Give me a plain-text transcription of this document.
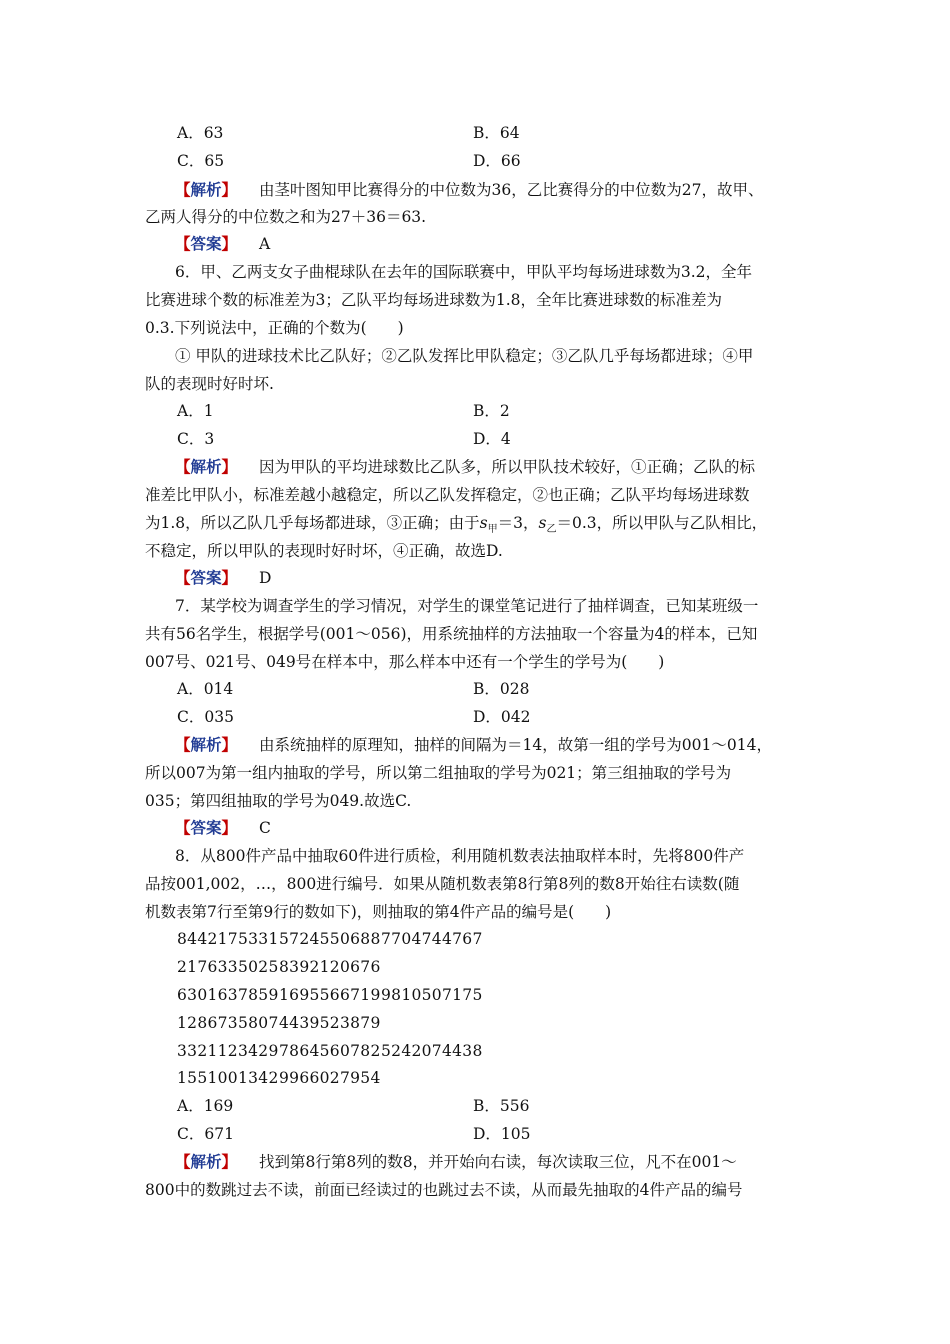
A．63	B．64
C．65	D．66
【解析】 由茎叶图知甲比赛得分的中位数为36，乙比赛得分的中位数为27，故甲、
乙两人得分的中位数之和为27＋36＝63.
【答案】 A
6．甲、乙两支女子曲棍球队在去年的国际联赛中，甲队平均每场进球数为3.2，全年
比赛进球个数的标准差为3；乙队平均每场进球数为1.8，全年比赛进球数的标准差为
0.3.下列说法中，正确的个数为(　　)
① 甲队的进球技术比乙队好；②乙队发挥比甲队稳定；③乙队几乎每场都进球；④甲
队的表现时好时坏.
A．1	B．2
C．3	D．4
【解析】 因为甲队的平均进球数比乙队多，所以甲队技术较好，①正确；乙队的标
准差比甲队小，标准差越小越稳定，所以乙队发挥稳定，②也正确；乙队平均每场进球数
为1.8，所以乙队几乎每场都进球，③正确；由于$s_甲=3$，$s_乙=0.3$，所以甲队与乙队相比，
不稳定，所以甲队的表现时好时坏，④正确，故选D.
【答案】 D
7．某学校为调查学生的学习情况，对学生的课堂笔记进行了抽样调查，已知某班级一
共有56名学生，根据学号(001～056)，用系统抽样的方法抽取一个容量为4的样本，已知
007号、021号、049号在样本中，那么样本中还有一个学生的学号为(　　)
A．014	B．028
C．035	D．042
【解析】 由系统抽样的原理知，抽样的间隔为＝14，故第一组的学号为001～014，
所以007为第一组内抽取的学号，所以第二组抽取的学号为021；第三组抽取的学号为
035；第四组抽取的学号为049.故选C.
【答案】 C
8．从800件产品中抽取60件进行质检，利用随机数表法抽取样本时，先将800件产
品按001,002，…，800进行编号．如果从随机数表第8行第8列的数8开始往右读数(随
机数表第7行至第9行的数如下)，则抽取的第4件产品的编号是(　　)
844217533157245506887704744767
21763350258392120676
630163785916955667199810507175
12867358074439523879
332112342978645607825242074438
15510013429966027954
A．169	B．556
C．671	D．105
【解析】 找到第8行第8列的数8，并开始向右读，每次读取三位，凡不在001～
800中的数跳过去不读，前面已经读过的也跳过去不读，从而最先抽取的4件产品的编号
